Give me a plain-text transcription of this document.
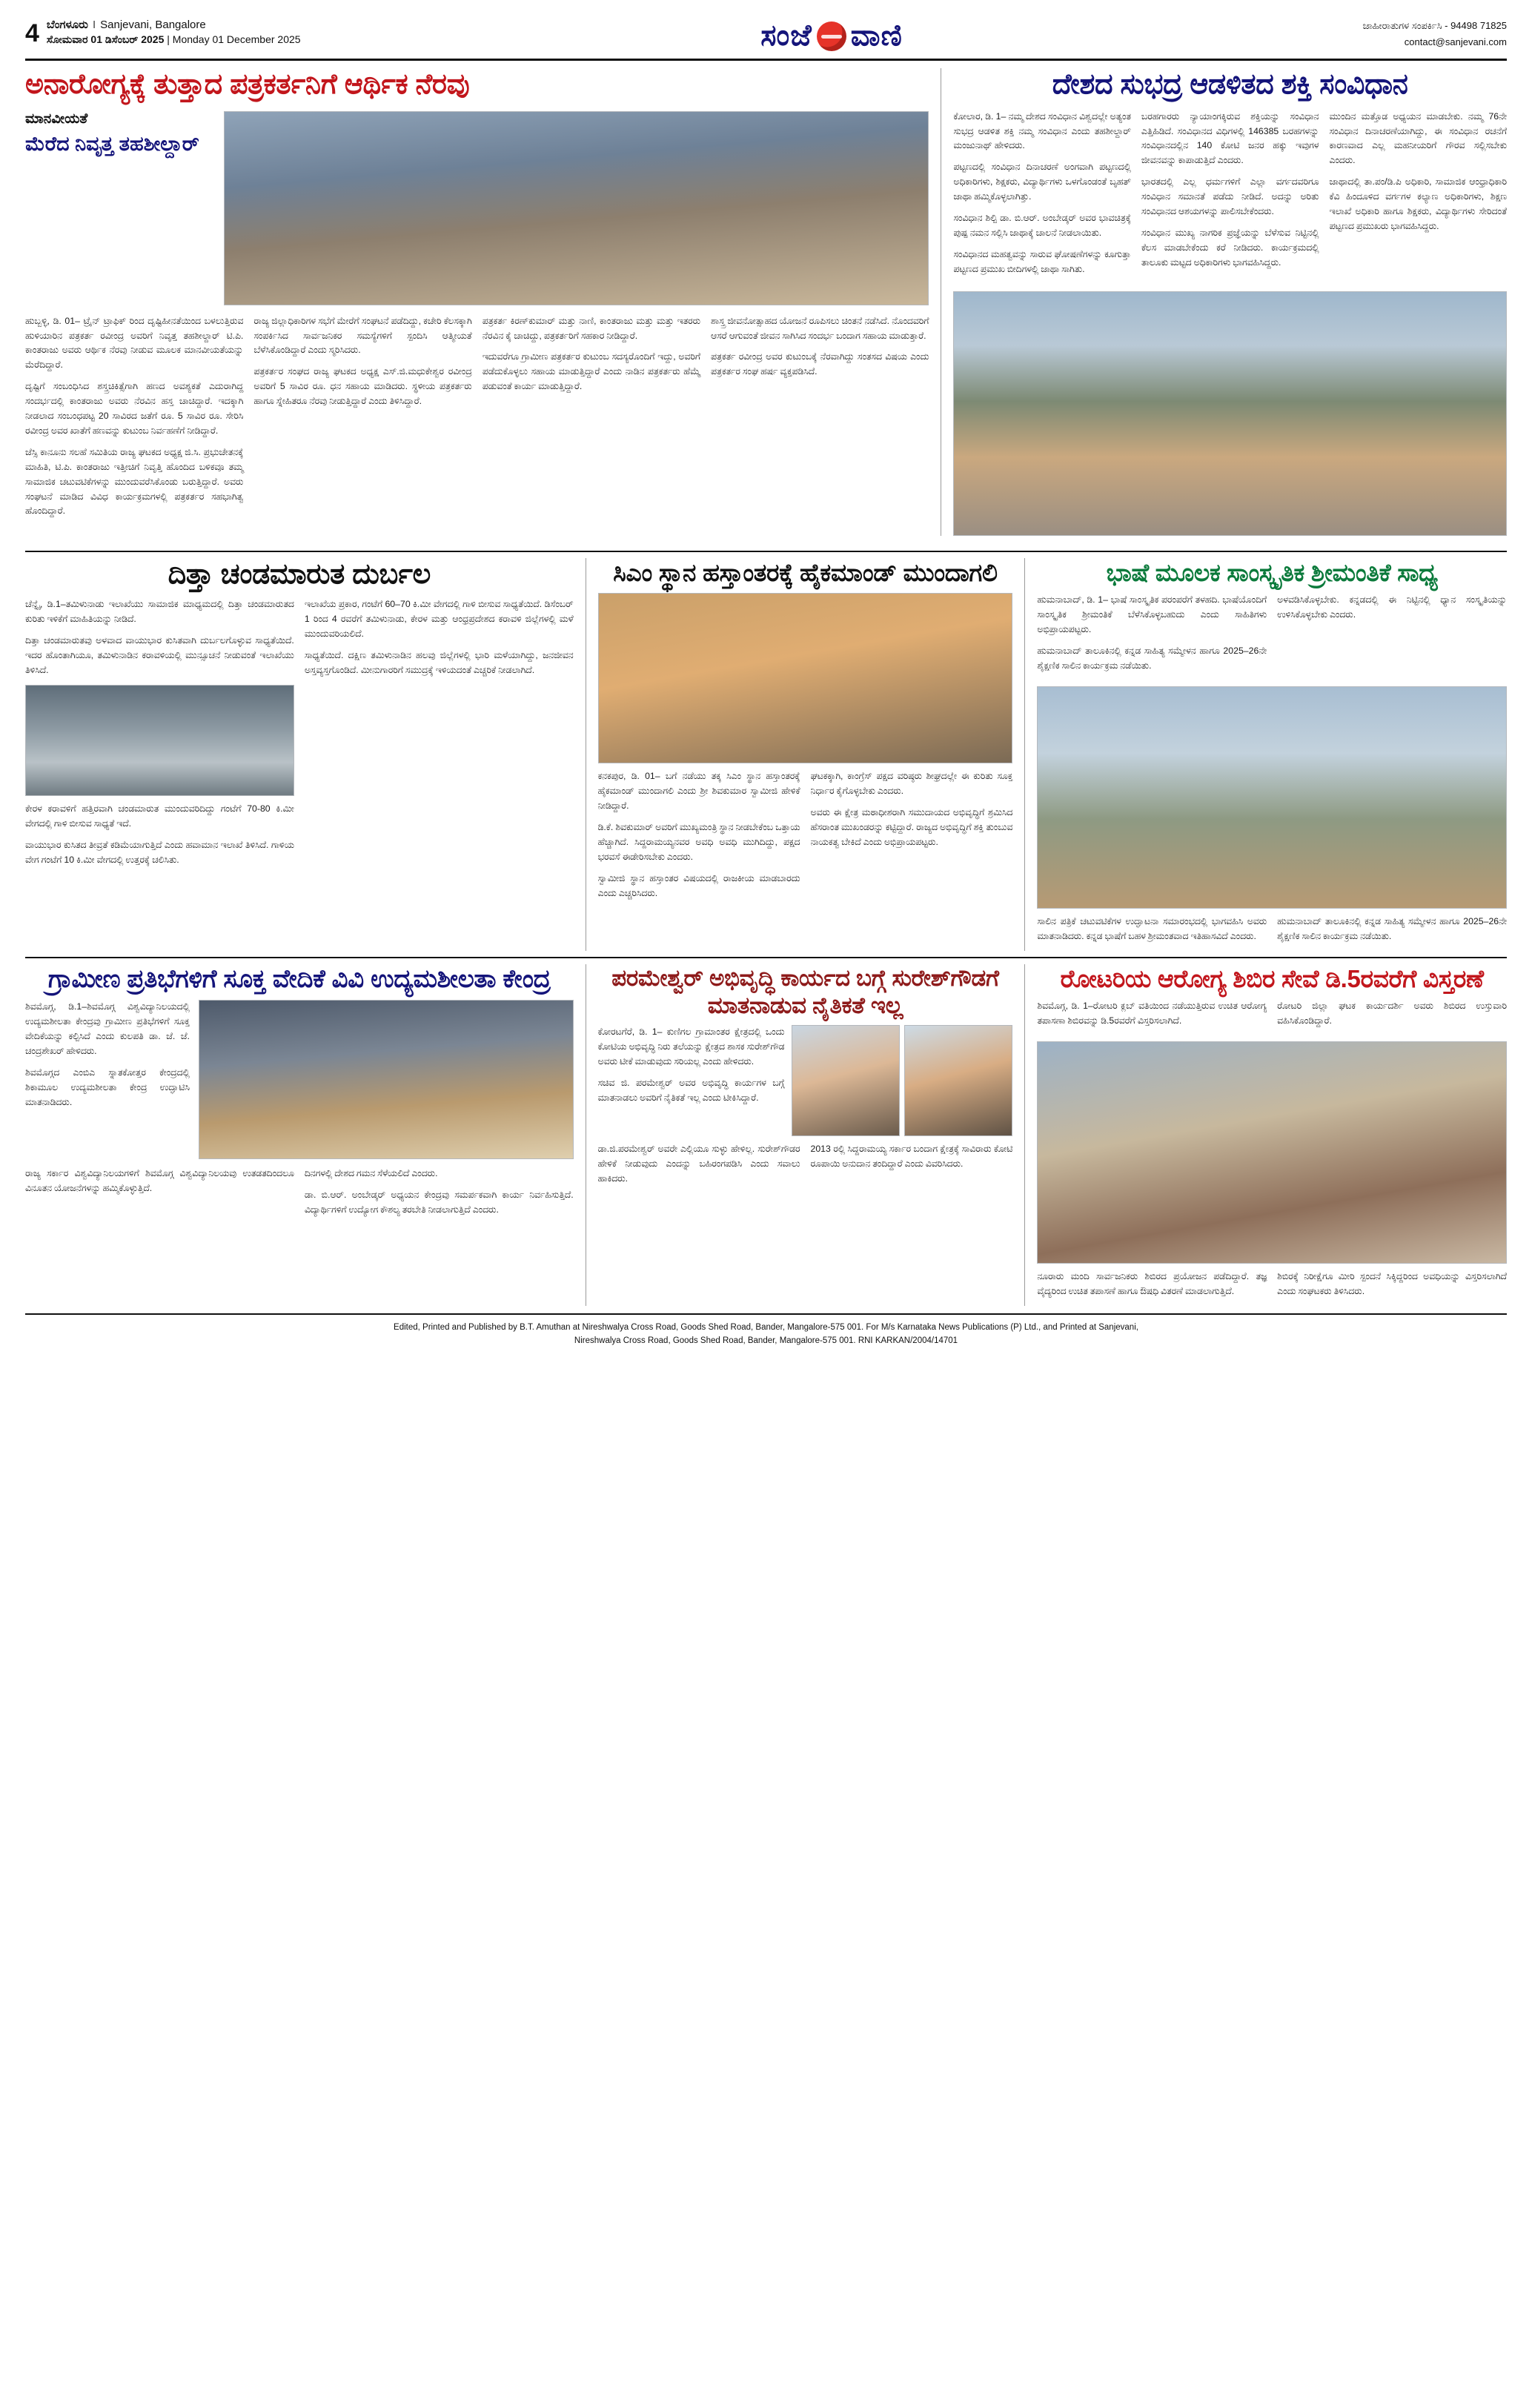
4 ಬೆಂಗಳೂರು I Sanjevani, Bangalore
ಸೋಮವಾರ 01 ಡಿಸೆಂಬರ್ 2025 | Monday 01 December 2025	ಸಂಜೆ ವಾಣಿ	ಜಾಹೀರಾತುಗಳ ಸಂಪರ್ಕಿಸಿ - 94498 71825
contact@sanjevani.com
ಅನಾರೋಗ್ಯಕ್ಕೆ ತುತ್ತಾದ ಪತ್ರಕರ್ತನಿಗೆ ಆರ್ಥಿಕ ನೆರವು
ಮಾನವೀಯತೆ
ಮೆರೆದ ನಿವೃತ್ತ ತಹಶೀಲ್ದಾರ್

ಹುಬ್ಬಳ್ಳಿ, ಡಿ. 01– ಟ್ರೈನ್ ಟ್ರಾಫಿಕ್ ರಿಂದ ದೃಷ್ಟಿಹೀನತೆಯಿಂದ ಬಳಲುತ್ತಿರುವ ಹುಳಿಯಾರಿನ ಪತ್ರಕರ್ತ ರವೀಂದ್ರ ಅವರಿಗೆ ನಿವೃತ್ತ ತಹಶೀಲ್ದಾರ್ ಟಿ.ಪಿ. ಕಾಂತರಾಜು ಅವರು ಆರ್ಥಿಕ ನೆರವು ನೀಡುವ ಮೂಲಕ ಮಾನವೀಯತೆಯನ್ನು ಮೆರೆದಿದ್ದಾರೆ.

ದೃಷ್ಟಿಗೆ ಸಂಬಂಧಿಸಿದ ಶಸ್ತ್ರಚಿಕಿತ್ಸೆಗಾಗಿ ಹಣದ ಅವಶ್ಯಕತೆ ಎದುರಾಗಿದ್ದ ಸಂದರ್ಭದಲ್ಲಿ ಕಾಂತರಾಜು ಅವರು ನೆರವಿನ ಹಸ್ತ ಚಾಚಿದ್ದಾರೆ. ಇದಕ್ಕಾಗಿ ನೀಡಲಾದ ಸಂಬಂಧಪಟ್ಟ 20 ಸಾವಿರದ ಜತೆಗೆ ರೂ. 5 ಸಾವಿರ ರೂ. ಸೇರಿಸಿ ರವೀಂದ್ರ ಅವರ ಖಾತೆಗೆ ಹಣವನ್ನು ಕುಟುಂಬ ನಿರ್ವಹಣೆಗೆ ನೀಡಿದ್ದಾರೆ.

ಜೆಸ್ಸಿ ಕಾನೂನು ಸಲಹೆ ಸಮಿತಿಯ ರಾಜ್ಯ ಘಟಕದ ಅಧ್ಯಕ್ಷ ಜಿ.ಸಿ. ಪ್ರಭುಚೇತನಕ್ಕೆ ಮಾಹಿತಿ, ಟಿ.ಪಿ. ಕಾಂತರಾಜು ಇತ್ತೀಚಿಗೆ ನಿವೃತ್ತಿ ಹೊಂದಿದ ಬಳಿಕವೂ ತಮ್ಮ ಸಾಮಾಜಿಕ ಚಟುವಟಿಕೆಗಳನ್ನು ಮುಂದುವರೆಸಿಕೊಂಡು ಬರುತ್ತಿದ್ದಾರೆ. ಅವರು ಸಂಘಟನೆ ಮಾಡಿದ ವಿವಿಧ ಕಾರ್ಯಕ್ರಮಗಳಲ್ಲಿ ಪತ್ರಕರ್ತರ ಸಹಭಾಗಿತ್ವ ಹೊಂದಿದ್ದಾರೆ.

ರಾಜ್ಯ ಜಿಲ್ಲಾಧಿಕಾರಿಗಳ ಸಭೆಗೆ ಮೇರೆಗೆ ಸಂಘಟನೆ ಪಡೆದಿದ್ದು, ಕಚೇರಿ ಕೆಲಸಕ್ಕಾಗಿ ಸಂಪರ್ಕಿಸಿದ ಸಾರ್ವಜನಿಕರ ಸಮಸ್ಯೆಗಳಿಗೆ ಸ್ಪಂದಿಸಿ ಆತ್ಮೀಯತೆ ಬೆಳೆಸಿಕೊಂಡಿದ್ದಾರೆ ಎಂದು ಸ್ಮರಿಸಿದರು.

ಪತ್ರಕರ್ತರ ಸಂಘದ ರಾಜ್ಯ ಘಟಕದ ಅಧ್ಯಕ್ಷ ಎಸ್.ಜಿ.ಮಧುಕೇಶ್ವರ ರವೀಂದ್ರ ಅವರಿಗೆ 5 ಸಾವಿರ ರೂ. ಧನ ಸಹಾಯ ಮಾಡಿದರು. ಸ್ಥಳೀಯ ಪತ್ರಕರ್ತರು ಹಾಗೂ ಸ್ನೇಹಿತರೂ ನೆರವು ನೀಡುತ್ತಿದ್ದಾರೆ ಎಂದು ತಿಳಿಸಿದ್ದಾರೆ.

ಪತ್ರಕರ್ತ ಕಿರಣ್‌ಕುಮಾರ್ ಮತ್ತು ನಾಣಿ, ಕಾಂತರಾಜು ಮತ್ತು ಮತ್ತು ಇತರರು ನೆರವಿನ ಕೈ ಚಾಚಿದ್ದು, ಪತ್ರಕರ್ತರಿಗೆ ಸಹಕಾರ ನೀಡಿದ್ದಾರೆ.

ಇದುವರೆಗೂ ಗ್ರಾಮೀಣ ಪತ್ರಕರ್ತರ ಕುಟುಂಬ ಸದಸ್ಯರೊಂದಿಗೆ ಇದ್ದು, ಅವರಿಗೆ ಪಡೆದುಕೊಳ್ಳಲು ಸಹಾಯ ಮಾಡುತ್ತಿದ್ದಾರೆ ಎಂದು ನಾಡಿನ ಪತ್ರಕರ್ತರು ಹೆಮ್ಮೆ ಪಡುವಂತೆ ಕಾರ್ಯ ಮಾಡುತ್ತಿದ್ದಾರೆ.

ಶಾಸ್ತ್ರ ಜೀವನೋತ್ಸಾಹದ ಯೋಜನೆ ರೂಪಿಸಲು ಚಿಂತನೆ ನಡೆಸಿದೆ. ನೊಂದವರಿಗೆ ಆಸರೆ ಆಗುವಂತೆ ಜೀವನ ಸಾಗಿಸಿದ ಸಂದರ್ಭ ಬಂದಾಗ ಸಹಾಯ ಮಾಡುತ್ತಾರೆ.

ಪತ್ರಕರ್ತ ರವೀಂದ್ರ ಅವರ ಕುಟುಂಬಕ್ಕೆ ನೆರವಾಗಿದ್ದು ಸಂತಸದ ವಿಷಯ ಎಂದು ಪತ್ರಕರ್ತರ ಸಂಘ ಹರ್ಷ ವ್ಯಕ್ತಪಡಿಸಿದೆ.

ದೇಶದ ಸುಭದ್ರ ಆಡಳಿತದ ಶಕ್ತಿ ಸಂವಿಧಾನ

ಕೋಲಾರ, ಡಿ. 1– ನಮ್ಮ ದೇಶದ ಸಂವಿಧಾನ ವಿಶ್ವದಲ್ಲೇ ಅತ್ಯಂತ ಸುಭದ್ರ ಆಡಳಿತ ಶಕ್ತಿ ನಮ್ಮ ಸಂವಿಧಾನ ಎಂದು ತಹಶೀಲ್ದಾರ್ ಮಂಜುನಾಥ್ ಹೇಳಿದರು.

ಪಟ್ಟಣದಲ್ಲಿ ಸಂವಿಧಾನ ದಿನಾಚರಣೆ ಅಂಗವಾಗಿ ಪಟ್ಟಣದಲ್ಲಿ ಅಧಿಕಾರಿಗಳು, ಶಿಕ್ಷಕರು, ವಿದ್ಯಾರ್ಥಿಗಳು ಒಳಗೊಂಡಂತೆ ಬೃಹತ್ ಜಾಥಾ ಹಮ್ಮಿಕೊಳ್ಳಲಾಗಿತ್ತು.

ಸಂವಿಧಾನ ಶಿಲ್ಪಿ ಡಾ. ಬಿ.ಆರ್. ಅಂಬೇಡ್ಕರ್ ಅವರ ಭಾವಚಿತ್ರಕ್ಕೆ ಪುಷ್ಪ ನಮನ ಸಲ್ಲಿಸಿ ಜಾಥಾಕ್ಕೆ ಚಾಲನೆ ನೀಡಲಾಯಿತು.

ಸಂವಿಧಾನದ ಮಹತ್ವವನ್ನು ಸಾರುವ ಘೋಷಣೆಗಳನ್ನು ಕೂಗುತ್ತಾ ಪಟ್ಟಣದ ಪ್ರಮುಖ ಬೀದಿಗಳಲ್ಲಿ ಜಾಥಾ ಸಾಗಿತು.

ಬರಹಗಾರರು ನ್ಯಾಯಾಂಗಕ್ಕಿರುವ ಶಕ್ತಿಯನ್ನು ಸಂವಿಧಾನ ಎತ್ತಿಹಿಡಿದೆ. ಸಂವಿಧಾನದ ವಿಧಿಗಳಲ್ಲಿ 146385 ಬರಹಗಳನ್ನು ಸಂವಿಧಾನದಲ್ಲಿನ 140 ಕೋಟಿ ಜನರ ಹಕ್ಕು ಇವುಗಳ ಜೀವನವನ್ನು ಕಾಪಾಡುತ್ತಿದೆ ಎಂದರು.

ಭಾರತದಲ್ಲಿ ಎಲ್ಲ ಧರ್ಮಗಳಿಗೆ ಎಲ್ಲಾ ವರ್ಗದವರಿಗೂ ಸಂವಿಧಾನ ಸಮಾನತೆ ಪಡೆದು ನೀಡಿದೆ. ಅದನ್ನು ಅರಿತು ಸಂವಿಧಾನದ ಆಶಯಗಳನ್ನು ಪಾಲಿಸಬೇಕೆಂದರು.

ಸಂವಿಧಾನ ಮುಖ್ಯ ನಾಗರಿಕ ಪ್ರಜ್ಞೆಯನ್ನು ಬೆಳೆಸುವ ನಿಟ್ಟಿನಲ್ಲಿ ಕೆಲಸ ಮಾಡಬೇಕೆಂದು ಕರೆ ನೀಡಿದರು. ಕಾರ್ಯಕ್ರಮದಲ್ಲಿ ತಾಲೂಕು ಮಟ್ಟದ ಅಧಿಕಾರಿಗಳು ಭಾಗವಹಿಸಿದ್ದರು.

ಮುಂದಿನ ಮತ್ತೊಡ ಅಧ್ಯಯನ ಮಾಡಬೇಕು. ನಮ್ಮ 76ನೇ ಸಂವಿಧಾನ ದಿನಾಚರಣೆಯಾಗಿದ್ದು, ಈ ಸಂವಿಧಾನ ರಚನೆಗೆ ಕಾರಣವಾದ ಎಲ್ಲ ಮಹನೀಯರಿಗೆ ಗೌರವ ಸಲ್ಲಿಸಬೇಕು ಎಂದರು.

ಜಾಥಾದಲ್ಲಿ ತಾ.ಪಂ/ಡಿ.ಪಿ ಅಧಿಕಾರಿ, ಸಾಮಾಜಿಕ ಆಂಧ್ರಾಧಿಕಾರಿ ಕೆವಿ ಹಿಂದೂಳಿದ ವರ್ಗಗಳ ಕಲ್ಯಾಣ ಅಧಿಕಾರಿಗಳು, ಶಿಕ್ಷಣ ಇಲಾಖೆ ಅಧಿಕಾರಿ ಹಾಗೂ ಶಿಕ್ಷಕರು, ವಿದ್ಯಾರ್ಥಿಗಳು ಸೇರಿದಂತೆ ಪಟ್ಟಣದ ಪ್ರಮುಖರು ಭಾಗವಹಿಸಿದ್ದರು.

ದಿತ್ತಾ ಚಂಡಮಾರುತ ದುರ್ಬಲ

ಚೆನ್ನೈ, ಡಿ.1–ತಮಿಳುನಾಡು ಇಲಾಖೆಯು ಸಾಮಾಜಿಕ ಮಾಧ್ಯಮದಲ್ಲಿ ದಿತ್ತಾ ಚಂಡಮಾರುತದ ಕುರಿತು ಇಳಿಕೆಗೆ ಮಾಹಿತಿಯನ್ನು ನೀಡಿದೆ.

ದಿತ್ತಾ ಚಂಡಮಾರುತವು ಅಳವಾದ ವಾಯುಭಾರ ಕುಸಿತವಾಗಿ ದುರ್ಬಲಗೊಳ್ಳುವ ಸಾಧ್ಯತೆಯಿದೆ. ಇದರ ಹೊಂತಾಗಿಯೂ, ತಮಿಳುನಾಡಿನ ಕರಾವಳಿಯಲ್ಲಿ ಮುನ್ಸೂಚನೆ ನೀಡುವಂತೆ ಇಲಾಖೆಯು ತಿಳಿಸಿದೆ.

ಕೇರಳ ಕರಾವಳಿಗೆ ಹತ್ತಿರವಾಗಿ ಚಂಡಮಾರುತ ಮುಂದುವರಿದಿದ್ದು ಗಂಟೆಗೆ 70-80 ಕಿ.ಮೀ ವೇಗದಲ್ಲಿ ಗಾಳಿ ಬೀಸುವ ಸಾಧ್ಯತೆ ಇದೆ.

ವಾಯುಭಾರ ಕುಸಿತದ ತೀವ್ರತೆ ಕಡಿಮೆಯಾಗುತ್ತಿದೆ ಎಂದು ಹವಾಮಾನ ಇಲಾಖೆ ತಿಳಿಸಿದೆ. ಗಾಳಿಯ ವೇಗ ಗಂಟೆಗೆ 10 ಕಿ.ಮೀ ವೇಗದಲ್ಲಿ ಉತ್ತರಕ್ಕೆ ಚಲಿಸಿತು.

ಇಲಾಖೆಯ ಪ್ರಕಾರ, ಗಂಟೆಗೆ 60–70 ಕಿ.ಮೀ ವೇಗದಲ್ಲಿ ಗಾಳಿ ಬೀಸುವ ಸಾಧ್ಯತೆಯಿದೆ. ಡಿಸೆಂಬರ್ 1 ರಿಂದ 4 ರವರೆಗೆ ತಮಿಳುನಾಡು, ಕೇರಳ ಮತ್ತು ಆಂಧ್ರಪ್ರದೇಶದ ಕರಾವಳಿ ಜಿಲ್ಲೆಗಳಲ್ಲಿ ಮಳೆ ಮುಂದುವರಿಯಲಿದೆ.

ಸಾಧ್ಯತೆಯಿದೆ. ದಕ್ಷಿಣ ತಮಿಳುನಾಡಿನ ಹಲವು ಜಿಲ್ಲೆಗಳಲ್ಲಿ ಭಾರಿ ಮಳೆಯಾಗಿದ್ದು, ಜನಜೀವನ ಅಸ್ತವ್ಯಸ್ತಗೊಂಡಿದೆ. ಮೀನುಗಾರರಿಗೆ ಸಮುದ್ರಕ್ಕೆ ಇಳಿಯದಂತೆ ಎಚ್ಚರಿಕೆ ನೀಡಲಾಗಿದೆ.

ಸಿಎಂ ಸ್ಥಾನ ಹಸ್ತಾಂತರಕ್ಕೆ ಹೈಕಮಾಂಡ್ ಮುಂದಾಗಲಿ

ಕನಕಪುರ, ಡಿ. 01– ಬಗೆ ನಡೆಯು ತಕ್ಕ ಸಿಎಂ ಸ್ಥಾನ ಹಸ್ತಾಂತರಕ್ಕೆ ಹೈಕಮಾಂಡ್ ಮುಂದಾಗಲಿ ಎಂದು ಶ್ರೀ ಶಿವಕುಮಾರ ಸ್ವಾಮೀಜಿ ಹೇಳಿಕೆ ನೀಡಿದ್ದಾರೆ.

ಡಿ.ಕೆ. ಶಿವಕುಮಾರ್ ಅವರಿಗೆ ಮುಖ್ಯಮಂತ್ರಿ ಸ್ಥಾನ ನೀಡಬೇಕೆಂಬ ಒತ್ತಾಯ ಹೆಚ್ಚಾಗಿದೆ. ಸಿದ್ದರಾಮಯ್ಯನವರ ಅವಧಿ ಅವಧಿ ಮುಗಿದಿದ್ದು, ಪಕ್ಷದ ಭರವಸೆ ಈಡೇರಿಸಬೇಕು ಎಂದರು.

ಸ್ವಾಮೀಜಿ ಸ್ಥಾನ ಹಸ್ತಾಂತರ ವಿಷಯದಲ್ಲಿ ರಾಜಕೀಯ ಮಾಡಬಾರದು ಎಂದು ಎಚ್ಚರಿಸಿದರು.

ಘಟಕಕ್ಕಾಗಿ, ಕಾಂಗ್ರೆಸ್ ಪಕ್ಷದ ವರಿಷ್ಠರು ಶೀಘ್ರದಲ್ಲೇ ಈ ಕುರಿತು ಸೂಕ್ತ ನಿರ್ಧಾರ ಕೈಗೊಳ್ಳಬೇಕು ಎಂದರು.

ಅವರು ಈ ಕ್ಷೇತ್ರ ಮಠಾಧೀಶರಾಗಿ ಸಮುದಾಯದ ಅಭಿವೃದ್ಧಿಗೆ ಶ್ರಮಿಸಿದ ಹೆಸರಾಂತ ಮುಖಂಡರನ್ನು ಕಟ್ಟಿದ್ದಾರೆ. ರಾಜ್ಯದ ಅಭಿವೃದ್ಧಿಗೆ ಶಕ್ತಿ ತುಂಬುವ ನಾಯಕತ್ವ ಬೇಕಿದೆ ಎಂದು ಅಭಿಪ್ರಾಯಪಟ್ಟರು.

ಭಾಷೆ ಮೂಲಕ ಸಾಂಸ್ಕೃತಿಕ ಶ್ರೀಮಂತಿಕೆ ಸಾಧ್ಯ

ಹುಮನಾಬಾದ್, ಡಿ. 1– ಭಾಷೆ ಸಾಂಸ್ಕೃತಿಕ ಪರಂಪರೆಗೆ ತಳಹದಿ. ಭಾಷೆಯೊಂದಿಗೆ ಸಾಂಸ್ಕೃತಿಕ ಶ್ರೀಮಂತಿಕೆ ಬೆಳೆಸಿಕೊಳ್ಳಬಹುದು ಎಂದು ಸಾಹಿತಿಗಳು ಅಭಿಪ್ರಾಯಪಟ್ಟರು.

ಹುಮನಾಬಾದ್ ತಾಲೂಕಿನಲ್ಲಿ ಕನ್ನಡ ಸಾಹಿತ್ಯ ಸಮ್ಮೇಳನ ಹಾಗೂ 2025–26ನೇ ಶೈಕ್ಷಣಿಕ ಸಾಲಿನ ಕಾರ್ಯಕ್ರಮ ನಡೆಯಿತು.

ಅಳವಡಿಸಿಕೊಳ್ಳಬೇಕು. ಕನ್ನಡದಲ್ಲಿ ಈ ನಿಟ್ಟಿನಲ್ಲಿ ಧ್ಯಾನ ಸಂಸ್ಕೃತಿಯನ್ನು ಉಳಿಸಿಕೊಳ್ಳಬೇಕು ಎಂದರು.

ಸಾಲಿನ ಪತ್ರಿಕೆ ಚಟುವಟಿಕೆಗಳ ಉದ್ಘಾಟನಾ ಸಮಾರಂಭದಲ್ಲಿ ಭಾಗವಹಿಸಿ ಅವರು ಮಾತನಾಡಿದರು. ಕನ್ನಡ ಭಾಷೆಗೆ ಬಹಳ ಶ್ರೀಮಂತವಾದ ಇತಿಹಾಸವಿದೆ ಎಂದರು.

ಹುಮನಾಬಾದ್ ತಾಲೂಕಿನಲ್ಲಿ ಕನ್ನಡ ಸಾಹಿತ್ಯ ಸಮ್ಮೇಳನ ಹಾಗೂ 2025–26ನೇ ಶೈಕ್ಷಣಿಕ ಸಾಲಿನ ಕಾರ್ಯಕ್ರಮ ನಡೆಯಿತು.

ಗ್ರಾಮೀಣ ಪ್ರತಿಭೆಗಳಿಗೆ ಸೂಕ್ತ ವೇದಿಕೆ ವಿವಿ ಉದ್ಯಮಶೀಲತಾ ಕೇಂದ್ರ

ಶಿವಮೊಗ್ಗ, ಡಿ.1–ಶಿವಮೊಗ್ಗ ವಿಶ್ವವಿದ್ಯಾನಿಲಯದಲ್ಲಿ ಉದ್ಯಮಶೀಲತಾ ಕೇಂದ್ರವು ಗ್ರಾಮೀಣ ಪ್ರತಿಭೆಗಳಿಗೆ ಸೂಕ್ತ ವೇದಿಕೆಯನ್ನು ಕಲ್ಪಿಸಿದೆ ಎಂದು ಕುಲಪತಿ ಡಾ. ಜೆ. ಜೆ. ಚಂದ್ರಶೇಖರ್ ಹೇಳಿದರು.

ಶಿವಮೊಗ್ಗದ ಎಂಬಿಎ ಸ್ನಾತಕೋತ್ತರ ಕೇಂದ್ರದಲ್ಲಿ ಶಿಕಾಮೂಲ ಉದ್ಯಮಶೀಲತಾ ಕೇಂದ್ರ ಉದ್ಘಾಟಿಸಿ ಮಾತನಾಡಿದರು.

ರಾಜ್ಯ ಸರ್ಕಾರ ವಿಶ್ವವಿದ್ಯಾನಿಲಯಗಳಿಗೆ ಶಿವಮೊಗ್ಗ ವಿಶ್ವವಿದ್ಯಾನಿಲಯವು ಉತಡತದಿಂದಲೂ ವಿನೂತನ ಯೋಜನೆಗಳನ್ನು ಹಮ್ಮಿಕೊಳ್ಳುತ್ತಿದೆ.

ದಿನಗಳಲ್ಲಿ ದೇಶದ ಗಮನ ಸೆಳೆಯಲಿದೆ ಎಂದರು.

ಡಾ. ಬಿ.ಆರ್. ಅಂಬೇಡ್ಕರ್ ಅಧ್ಯಯನ ಕೇಂದ್ರವು ಸಮರ್ಪಕವಾಗಿ ಕಾರ್ಯ ನಿರ್ವಹಿಸುತ್ತಿದೆ. ವಿದ್ಯಾರ್ಥಿಗಳಿಗೆ ಉದ್ಯೋಗ ಕೌಶಲ್ಯ ತರಬೇತಿ ನೀಡಲಾಗುತ್ತಿದೆ ಎಂದರು.

ಪರಮೇಶ್ವರ್ ಅಭಿವೃದ್ಧಿ ಕಾರ್ಯದ ಬಗ್ಗೆ ಸುರೇಶ್‌ಗೌಡಗೆ ಮಾತನಾಡುವ ನೈತಿಕತೆ ಇಲ್ಲ

ಕೋರಟಗೆರೆ, ಡಿ. 1– ಕುಣಿಗಲ ಗ್ರಾಮಾಂತರ ಕ್ಷೇತ್ರದಲ್ಲಿ ಒಂದು ಕೋಟಿಯ ಅಭಿವೃದ್ಧಿ ನಿರು ತಲೆಯನ್ನು ಕ್ಷೇತ್ರದ ಶಾಸಕ ಸುರೇಶ್‌ಗೌಡ ಅವರು ಟೀಕೆ ಮಾಡುವುದು ಸರಿಯಲ್ಲ ಎಂದು ಹೇಳಿದರು.

ಸಚಿವ ಜಿ. ಪರಮೇಶ್ವರ್ ಅವರ ಅಭಿವೃದ್ಧಿ ಕಾರ್ಯಗಳ ಬಗ್ಗೆ ಮಾತನಾಡಲು ಅವರಿಗೆ ನೈತಿಕತೆ ಇಲ್ಲ ಎಂದು ಟೀಕಿಸಿದ್ದಾರೆ.

ಡಾ.ಜಿ.ಪರಮೇಶ್ವರ್ ಅವರೇ ಎಲ್ಲಿಯೂ ಸುಳ್ಳು ಹೇಳಿಲ್ಲ. ಸುರೇಶ್‌ಗೌಡರ ಹೇಳಿಕೆ ನೀಡುವುದು ಎಂದನ್ನು ಬಹಿರಂಗಪಡಿಸಿ ಎಂದು ಸವಾಲು ಹಾಕಿದರು.

2013 ರಲ್ಲಿ ಸಿದ್ದರಾಮಯ್ಯ ಸರ್ಕಾರ ಬಂದಾಗ ಕ್ಷೇತ್ರಕ್ಕೆ ಸಾವಿರಾರು ಕೋಟಿ ರೂಪಾಯಿ ಅನುದಾನ ತಂದಿದ್ದಾರೆ ಎಂದು ವಿವರಿಸಿದರು.

ರೋಟರಿಯ ಆರೋಗ್ಯ ಶಿಬಿರ ಸೇವೆ ಡಿ.5ರವರೆಗೆ ವಿಸ್ತರಣೆ

ಶಿವಮೊಗ್ಗ, ಡಿ. 1–ರೋಟರಿ ಕ್ಲಬ್ ವತಿಯಿಂದ ನಡೆಯುತ್ತಿರುವ ಉಚಿತ ಆರೋಗ್ಯ ತಪಾಸಣಾ ಶಿಬಿರವನ್ನು ಡಿ.5ರವರೆಗೆ ವಿಸ್ತರಿಸಲಾಗಿದೆ.

ರೋಟರಿ ಜಿಲ್ಲಾ ಘಟಕ ಕಾರ್ಯದರ್ಶಿ ಅವರು ಶಿಬಿರದ ಉಸ್ತುವಾರಿ ವಹಿಸಿಕೊಂಡಿದ್ದಾರೆ.

ನೂರಾರು ಮಂದಿ ಸಾರ್ವಜನಿಕರು ಶಿಬಿರದ ಪ್ರಯೋಜನ ಪಡೆದಿದ್ದಾರೆ. ತಜ್ಞ ವೈದ್ಯರಿಂದ ಉಚಿತ ತಪಾಸಣೆ ಹಾಗೂ ಔಷಧಿ ವಿತರಣೆ ಮಾಡಲಾಗುತ್ತಿದೆ.

ಶಿಬಿರಕ್ಕೆ ನಿರೀಕ್ಷೆಗೂ ಮೀರಿ ಸ್ಪಂದನೆ ಸಿಕ್ಕಿದ್ದರಿಂದ ಅವಧಿಯನ್ನು ವಿಸ್ತರಿಸಲಾಗಿದೆ ಎಂದು ಸಂಘಟಕರು ತಿಳಿಸಿದರು.

Edited, Printed and Published by B.T. Amuthan at Nireshwalya Cross Road, Goods Shed Road, Bander, Mangalore-575 001. For M/s Karnataka News Publications (P) Ltd., and Printed at Sanjevani,
Nireshwalya Cross Road, Goods Shed Road, Bander, Mangalore-575 001. RNI KARKAN/2004/14701
